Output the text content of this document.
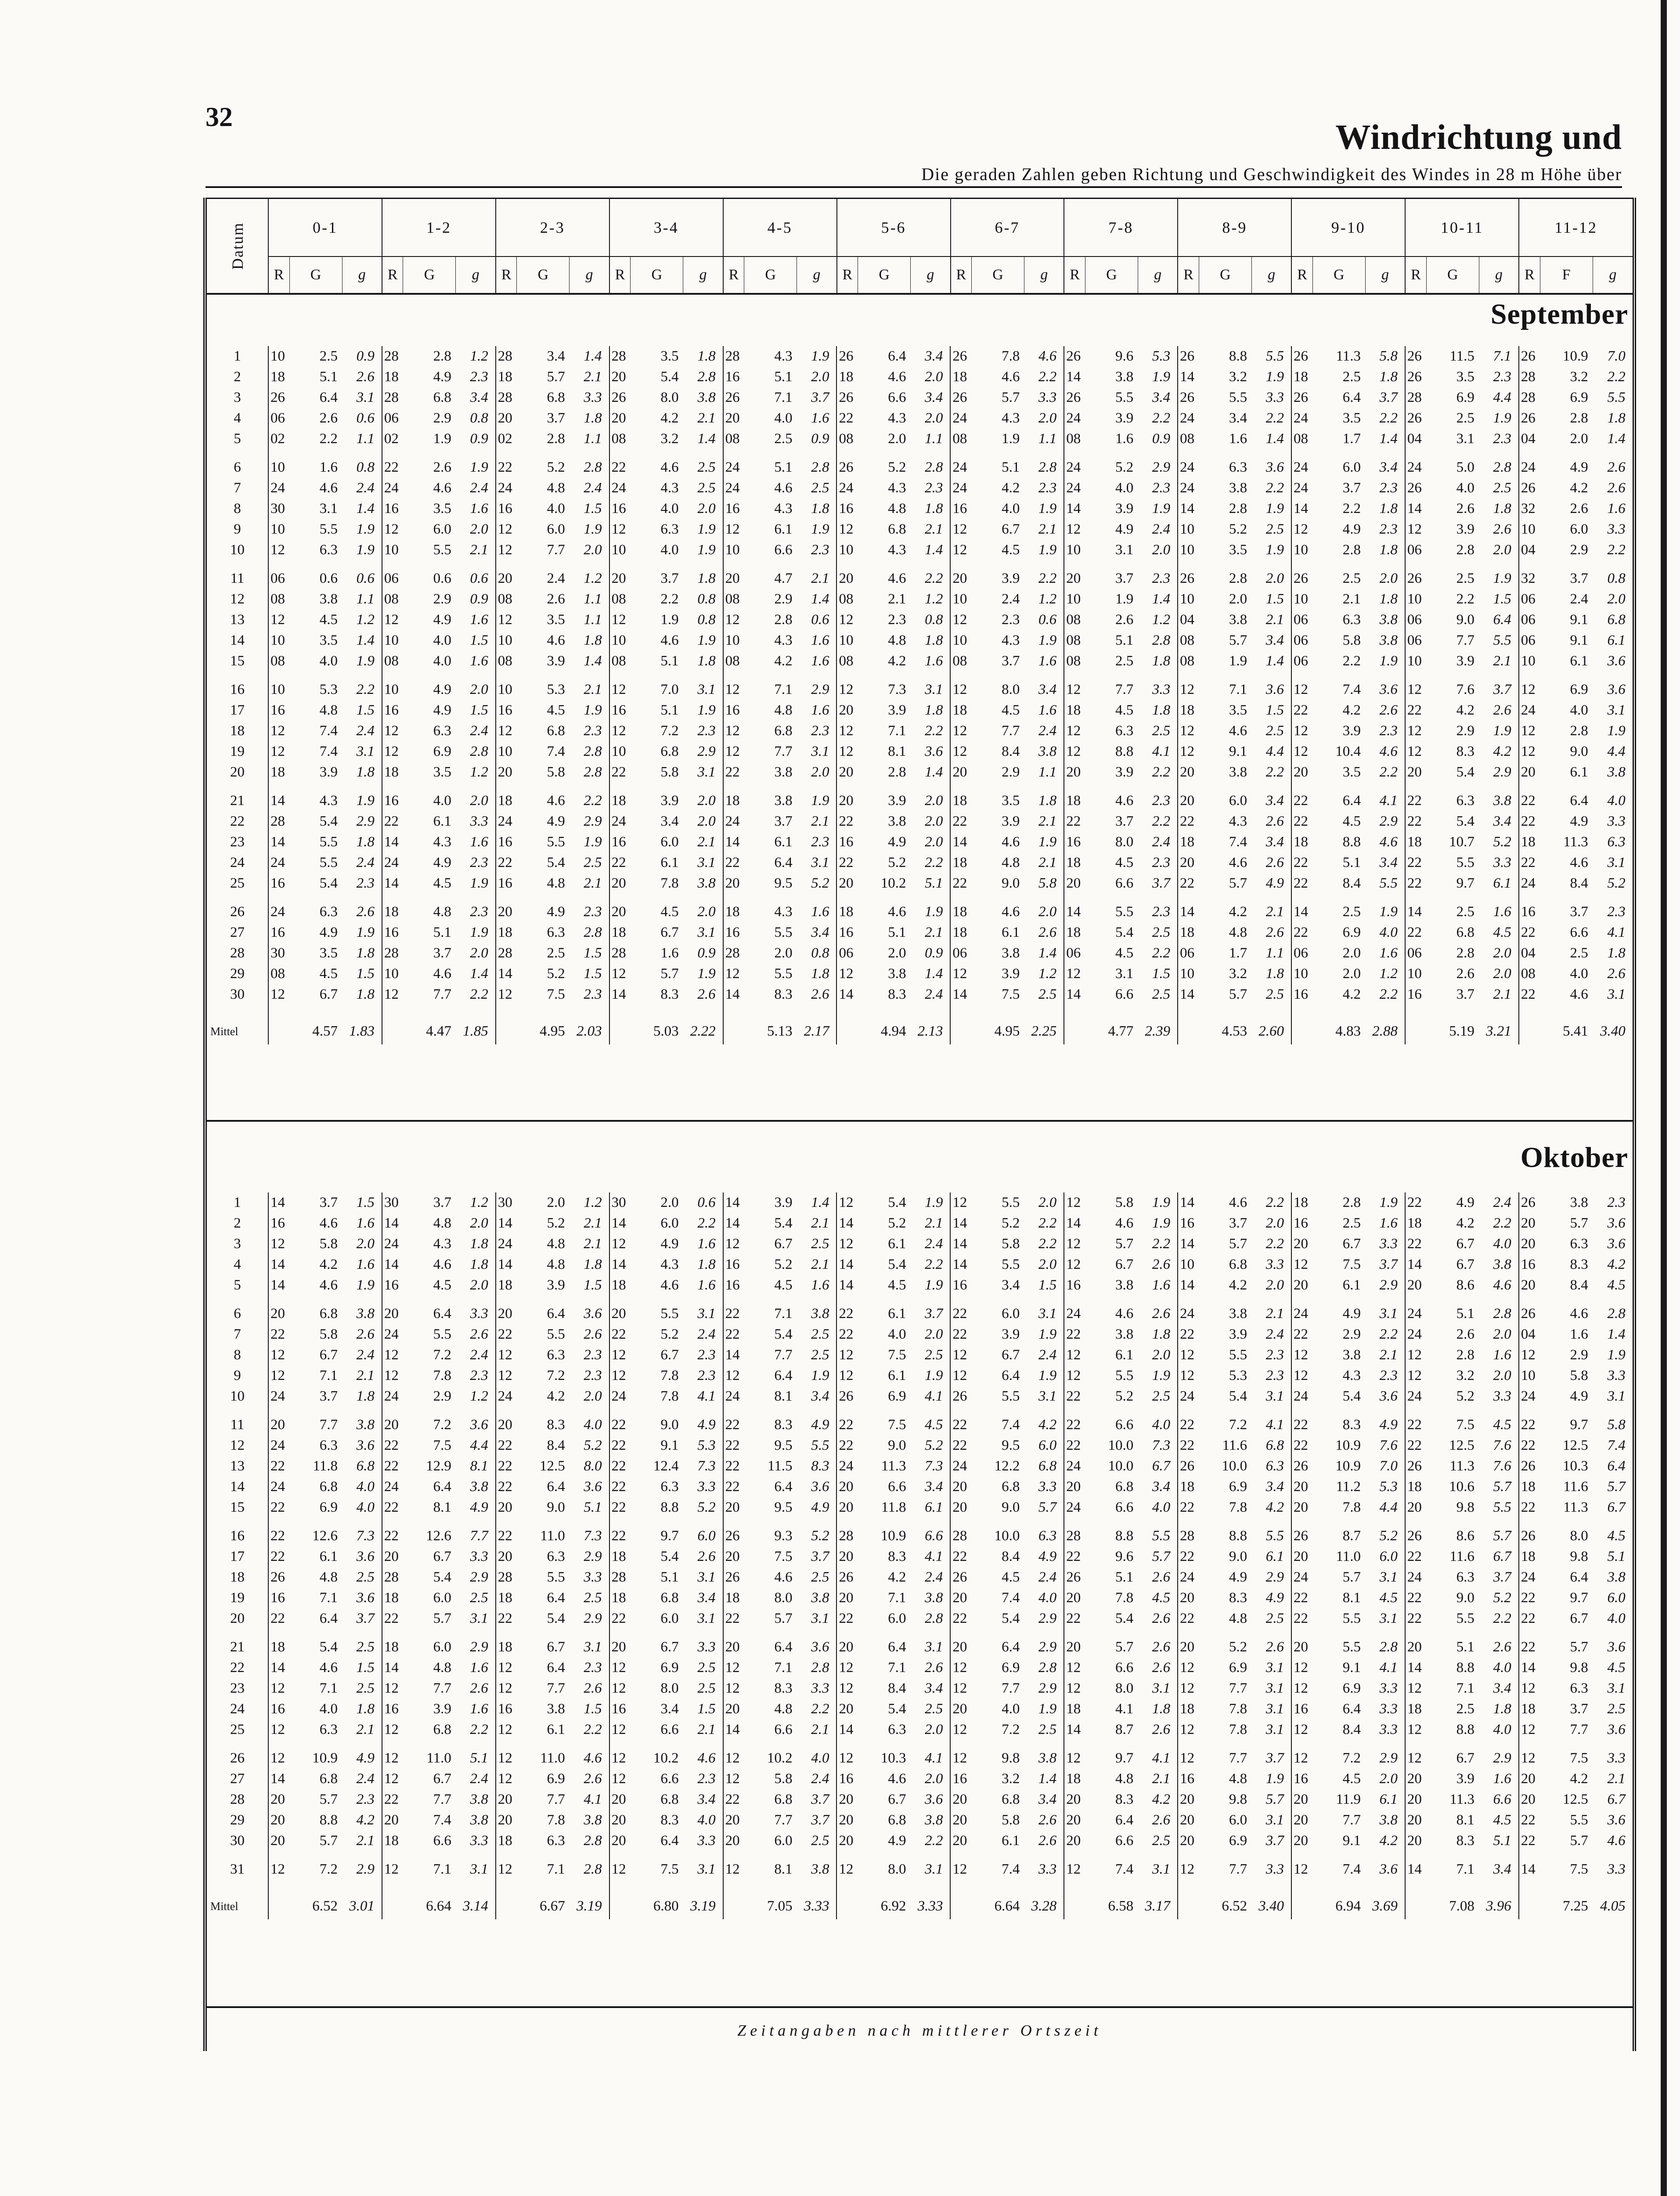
32
Windrichtung und
Die geraden Zahlen geben Richtung und Geschwindigkeit des Windes in 28 m Höhe über
Datum	0-1			1-2			2-3			3-4			4-5			5-6			6-7			7-8			8-9			9-10			10-11			11-12		
	R	G	g	R	G	g	R	G	g	R	G	g	R	G	g	R	G	g	R	G	g	R	G	g	R	G	g	R	G	g	R	G	g	R	F	g
September
1	10	2.5	0.9	28	2.8	1.2	28	3.4	1.4	28	3.5	1.8	28	4.3	1.9	26	6.4	3.4	26	7.8	4.6	26	9.6	5.3	26	8.8	5.5	26	11.3	5.8	26	11.5	7.1	26	10.9	7.0
2	18	5.1	2.6	18	4.9	2.3	18	5.7	2.1	20	5.4	2.8	16	5.1	2.0	18	4.6	2.0	18	4.6	2.2	14	3.8	1.9	14	3.2	1.9	18	2.5	1.8	26	3.5	2.3	28	3.2	2.2
3	26	6.4	3.1	28	6.8	3.4	28	6.8	3.3	26	8.0	3.8	26	7.1	3.7	26	6.6	3.4	26	5.7	3.3	26	5.5	3.4	26	5.5	3.3	26	6.4	3.7	28	6.9	4.4	28	6.9	5.5
4	06	2.6	0.6	06	2.9	0.8	20	3.7	1.8	20	4.2	2.1	20	4.0	1.6	22	4.3	2.0	24	4.3	2.0	24	3.9	2.2	24	3.4	2.2	24	3.5	2.2	26	2.5	1.9	26	2.8	1.8
5	02	2.2	1.1	02	1.9	0.9	02	2.8	1.1	08	3.2	1.4	08	2.5	0.9	08	2.0	1.1	08	1.9	1.1	08	1.6	0.9	08	1.6	1.4	08	1.7	1.4	04	3.1	2.3	04	2.0	1.4
6	10	1.6	0.8	22	2.6	1.9	22	5.2	2.8	22	4.6	2.5	24	5.1	2.8	26	5.2	2.8	24	5.1	2.8	24	5.2	2.9	24	6.3	3.6	24	6.0	3.4	24	5.0	2.8	24	4.9	2.6
7	24	4.6	2.4	24	4.6	2.4	24	4.8	2.4	24	4.3	2.5	24	4.6	2.5	24	4.3	2.3	24	4.2	2.3	24	4.0	2.3	24	3.8	2.2	24	3.7	2.3	26	4.0	2.5	26	4.2	2.6
8	30	3.1	1.4	16	3.5	1.6	16	4.0	1.5	16	4.0	2.0	16	4.3	1.8	16	4.8	1.8	16	4.0	1.9	14	3.9	1.9	14	2.8	1.9	14	2.2	1.8	14	2.6	1.8	32	2.6	1.6
9	10	5.5	1.9	12	6.0	2.0	12	6.0	1.9	12	6.3	1.9	12	6.1	1.9	12	6.8	2.1	12	6.7	2.1	12	4.9	2.4	10	5.2	2.5	12	4.9	2.3	12	3.9	2.6	10	6.0	3.3
10	12	6.3	1.9	10	5.5	2.1	12	7.7	2.0	10	4.0	1.9	10	6.6	2.3	10	4.3	1.4	12	4.5	1.9	10	3.1	2.0	10	3.5	1.9	10	2.8	1.8	06	2.8	2.0	04	2.9	2.2
11	06	0.6	0.6	06	0.6	0.6	20	2.4	1.2	20	3.7	1.8	20	4.7	2.1	20	4.6	2.2	20	3.9	2.2	20	3.7	2.3	26	2.8	2.0	26	2.5	2.0	26	2.5	1.9	32	3.7	0.8
12	08	3.8	1.1	08	2.9	0.9	08	2.6	1.1	08	2.2	0.8	08	2.9	1.4	08	2.1	1.2	10	2.4	1.2	10	1.9	1.4	10	2.0	1.5	10	2.1	1.8	10	2.2	1.5	06	2.4	2.0
13	12	4.5	1.2	12	4.9	1.6	12	3.5	1.1	12	1.9	0.8	12	2.8	0.6	12	2.3	0.8	12	2.3	0.6	08	2.6	1.2	04	3.8	2.1	06	6.3	3.8	06	9.0	6.4	06	9.1	6.8
14	10	3.5	1.4	10	4.0	1.5	10	4.6	1.8	10	4.6	1.9	10	4.3	1.6	10	4.8	1.8	10	4.3	1.9	08	5.1	2.8	08	5.7	3.4	06	5.8	3.8	06	7.7	5.5	06	9.1	6.1
15	08	4.0	1.9	08	4.0	1.6	08	3.9	1.4	08	5.1	1.8	08	4.2	1.6	08	4.2	1.6	08	3.7	1.6	08	2.5	1.8	08	1.9	1.4	06	2.2	1.9	10	3.9	2.1	10	6.1	3.6
16	10	5.3	2.2	10	4.9	2.0	10	5.3	2.1	12	7.0	3.1	12	7.1	2.9	12	7.3	3.1	12	8.0	3.4	12	7.7	3.3	12	7.1	3.6	12	7.4	3.6	12	7.6	3.7	12	6.9	3.6
17	16	4.8	1.5	16	4.9	1.5	16	4.5	1.9	16	5.1	1.9	16	4.8	1.6	20	3.9	1.8	18	4.5	1.6	18	4.5	1.8	18	3.5	1.5	22	4.2	2.6	22	4.2	2.6	24	4.0	3.1
18	12	7.4	2.4	12	6.3	2.4	12	6.8	2.3	12	7.2	2.3	12	6.8	2.3	12	7.1	2.2	12	7.7	2.4	12	6.3	2.5	12	4.6	2.5	12	3.9	2.3	12	2.9	1.9	12	2.8	1.9
19	12	7.4	3.1	12	6.9	2.8	10	7.4	2.8	10	6.8	2.9	12	7.7	3.1	12	8.1	3.6	12	8.4	3.8	12	8.8	4.1	12	9.1	4.4	12	10.4	4.6	12	8.3	4.2	12	9.0	4.4
20	18	3.9	1.8	18	3.5	1.2	20	5.8	2.8	22	5.8	3.1	22	3.8	2.0	20	2.8	1.4	20	2.9	1.1	20	3.9	2.2	20	3.8	2.2	20	3.5	2.2	20	5.4	2.9	20	6.1	3.8
21	14	4.3	1.9	16	4.0	2.0	18	4.6	2.2	18	3.9	2.0	18	3.8	1.9	20	3.9	2.0	18	3.5	1.8	18	4.6	2.3	20	6.0	3.4	22	6.4	4.1	22	6.3	3.8	22	6.4	4.0
22	28	5.4	2.9	22	6.1	3.3	24	4.9	2.9	24	3.4	2.0	24	3.7	2.1	22	3.8	2.0	22	3.9	2.1	22	3.7	2.2	22	4.3	2.6	22	4.5	2.9	22	5.4	3.4	22	4.9	3.3
23	14	5.5	1.8	14	4.3	1.6	16	5.5	1.9	16	6.0	2.1	14	6.1	2.3	16	4.9	2.0	14	4.6	1.9	16	8.0	2.4	18	7.4	3.4	18	8.8	4.6	18	10.7	5.2	18	11.3	6.3
24	24	5.5	2.4	24	4.9	2.3	22	5.4	2.5	22	6.1	3.1	22	6.4	3.1	22	5.2	2.2	18	4.8	2.1	18	4.5	2.3	20	4.6	2.6	22	5.1	3.4	22	5.5	3.3	22	4.6	3.1
25	16	5.4	2.3	14	4.5	1.9	16	4.8	2.1	20	7.8	3.8	20	9.5	5.2	20	10.2	5.1	22	9.0	5.8	20	6.6	3.7	22	5.7	4.9	22	8.4	5.5	22	9.7	6.1	24	8.4	5.2
26	24	6.3	2.6	18	4.8	2.3	20	4.9	2.3	20	4.5	2.0	18	4.3	1.6	18	4.6	1.9	18	4.6	2.0	14	5.5	2.3	14	4.2	2.1	14	2.5	1.9	14	2.5	1.6	16	3.7	2.3
27	16	4.9	1.9	16	5.1	1.9	18	6.3	2.8	18	6.7	3.1	16	5.5	3.4	16	5.1	2.1	18	6.1	2.6	18	5.4	2.5	18	4.8	2.6	22	6.9	4.0	22	6.8	4.5	22	6.6	4.1
28	30	3.5	1.8	28	3.7	2.0	28	2.5	1.5	28	1.6	0.9	28	2.0	0.8	06	2.0	0.9	06	3.8	1.4	06	4.5	2.2	06	1.7	1.1	06	2.0	1.6	06	2.8	2.0	04	2.5	1.8
29	08	4.5	1.5	10	4.6	1.4	14	5.2	1.5	12	5.7	1.9	12	5.5	1.8	12	3.8	1.4	12	3.9	1.2	12	3.1	1.5	10	3.2	1.8	10	2.0	1.2	10	2.6	2.0	08	4.0	2.6
30	12	6.7	1.8	12	7.7	2.2	12	7.5	2.3	14	8.3	2.6	14	8.3	2.6	14	8.3	2.4	14	7.5	2.5	14	6.6	2.5	14	5.7	2.5	16	4.2	2.2	16	3.7	2.1	22	4.6	3.1
Mittel		4.57	1.83		4.47	1.85		4.95	2.03		5.03	2.22		5.13	2.17		4.94	2.13		4.95	2.25		4.77	2.39		4.53	2.60		4.83	2.88		5.19	3.21		5.41	3.40
Oktober
1	14	3.7	1.5	30	3.7	1.2	30	2.0	1.2	30	2.0	0.6	14	3.9	1.4	12	5.4	1.9	12	5.5	2.0	12	5.8	1.9	14	4.6	2.2	18	2.8	1.9	22	4.9	2.4	26	3.8	2.3
2	16	4.6	1.6	14	4.8	2.0	14	5.2	2.1	14	6.0	2.2	14	5.4	2.1	14	5.2	2.1	14	5.2	2.2	14	4.6	1.9	16	3.7	2.0	16	2.5	1.6	18	4.2	2.2	20	5.7	3.6
3	12	5.8	2.0	24	4.3	1.8	24	4.8	2.1	12	4.9	1.6	12	6.7	2.5	12	6.1	2.4	14	5.8	2.2	12	5.7	2.2	14	5.7	2.2	20	6.7	3.3	22	6.7	4.0	20	6.3	3.6
4	14	4.2	1.6	14	4.6	1.8	14	4.8	1.8	14	4.3	1.8	16	5.2	2.1	14	5.4	2.2	14	5.5	2.0	12	6.7	2.6	10	6.8	3.3	12	7.5	3.7	14	6.7	3.8	16	8.3	4.2
5	14	4.6	1.9	16	4.5	2.0	18	3.9	1.5	18	4.6	1.6	16	4.5	1.6	14	4.5	1.9	16	3.4	1.5	16	3.8	1.6	14	4.2	2.0	20	6.1	2.9	20	8.6	4.6	20	8.4	4.5
6	20	6.8	3.8	20	6.4	3.3	20	6.4	3.6	20	5.5	3.1	22	7.1	3.8	22	6.1	3.7	22	6.0	3.1	24	4.6	2.6	24	3.8	2.1	24	4.9	3.1	24	5.1	2.8	26	4.6	2.8
7	22	5.8	2.6	24	5.5	2.6	22	5.5	2.6	22	5.2	2.4	22	5.4	2.5	22	4.0	2.0	22	3.9	1.9	22	3.8	1.8	22	3.9	2.4	22	2.9	2.2	24	2.6	2.0	04	1.6	1.4
8	12	6.7	2.4	12	7.2	2.4	12	6.3	2.3	12	6.7	2.3	14	7.7	2.5	12	7.5	2.5	12	6.7	2.4	12	6.1	2.0	12	5.5	2.3	12	3.8	2.1	12	2.8	1.6	12	2.9	1.9
9	12	7.1	2.1	12	7.8	2.3	12	7.2	2.3	12	7.8	2.3	12	6.4	1.9	12	6.1	1.9	12	6.4	1.9	12	5.5	1.9	12	5.3	2.3	12	4.3	2.3	12	3.2	2.0	10	5.8	3.3
10	24	3.7	1.8	24	2.9	1.2	24	4.2	2.0	24	7.8	4.1	24	8.1	3.4	26	6.9	4.1	26	5.5	3.1	22	5.2	2.5	24	5.4	3.1	24	5.4	3.6	24	5.2	3.3	24	4.9	3.1
11	20	7.7	3.8	20	7.2	3.6	20	8.3	4.0	22	9.0	4.9	22	8.3	4.9	22	7.5	4.5	22	7.4	4.2	22	6.6	4.0	22	7.2	4.1	22	8.3	4.9	22	7.5	4.5	22	9.7	5.8
12	24	6.3	3.6	22	7.5	4.4	22	8.4	5.2	22	9.1	5.3	22	9.5	5.5	22	9.0	5.2	22	9.5	6.0	22	10.0	7.3	22	11.6	6.8	22	10.9	7.6	22	12.5	7.6	22	12.5	7.4
13	22	11.8	6.8	22	12.9	8.1	22	12.5	8.0	22	12.4	7.3	22	11.5	8.3	24	11.3	7.3	24	12.2	6.8	24	10.0	6.7	26	10.0	6.3	26	10.9	7.0	26	11.3	7.6	26	10.3	6.4
14	24	6.8	4.0	24	6.4	3.8	22	6.4	3.6	22	6.3	3.3	22	6.4	3.6	20	6.6	3.4	20	6.8	3.3	20	6.8	3.4	18	6.9	3.4	20	11.2	5.3	18	10.6	5.7	18	11.6	5.7
15	22	6.9	4.0	22	8.1	4.9	20	9.0	5.1	22	8.8	5.2	20	9.5	4.9	20	11.8	6.1	20	9.0	5.7	24	6.6	4.0	22	7.8	4.2	20	7.8	4.4	20	9.8	5.5	22	11.3	6.7
16	22	12.6	7.3	22	12.6	7.7	22	11.0	7.3	22	9.7	6.0	26	9.3	5.2	28	10.9	6.6	28	10.0	6.3	28	8.8	5.5	28	8.8	5.5	26	8.7	5.2	26	8.6	5.7	26	8.0	4.5
17	22	6.1	3.6	20	6.7	3.3	20	6.3	2.9	18	5.4	2.6	20	7.5	3.7	20	8.3	4.1	22	8.4	4.9	22	9.6	5.7	22	9.0	6.1	20	11.0	6.0	22	11.6	6.7	18	9.8	5.1
18	26	4.8	2.5	28	5.4	2.9	28	5.5	3.3	28	5.1	3.1	26	4.6	2.5	26	4.2	2.4	26	4.5	2.4	26	5.1	2.6	24	4.9	2.9	24	5.7	3.1	24	6.3	3.7	24	6.4	3.8
19	16	7.1	3.6	18	6.0	2.5	18	6.4	2.5	18	6.8	3.4	18	8.0	3.8	20	7.1	3.8	20	7.4	4.0	20	7.8	4.5	20	8.3	4.9	22	8.1	4.5	22	9.0	5.2	22	9.7	6.0
20	22	6.4	3.7	22	5.7	3.1	22	5.4	2.9	22	6.0	3.1	22	5.7	3.1	22	6.0	2.8	22	5.4	2.9	22	5.4	2.6	22	4.8	2.5	22	5.5	3.1	22	5.5	2.2	22	6.7	4.0
21	18	5.4	2.5	18	6.0	2.9	18	6.7	3.1	20	6.7	3.3	20	6.4	3.6	20	6.4	3.1	20	6.4	2.9	20	5.7	2.6	20	5.2	2.6	20	5.5	2.8	20	5.1	2.6	22	5.7	3.6
22	14	4.6	1.5	14	4.8	1.6	12	6.4	2.3	12	6.9	2.5	12	7.1	2.8	12	7.1	2.6	12	6.9	2.8	12	6.6	2.6	12	6.9	3.1	12	9.1	4.1	14	8.8	4.0	14	9.8	4.5
23	12	7.1	2.5	12	7.7	2.6	12	7.7	2.6	12	8.0	2.5	12	8.3	3.3	12	8.4	3.4	12	7.7	2.9	12	8.0	3.1	12	7.7	3.1	12	6.9	3.3	12	7.1	3.4	12	6.3	3.1
24	16	4.0	1.8	16	3.9	1.6	16	3.8	1.5	16	3.4	1.5	20	4.8	2.2	20	5.4	2.5	20	4.0	1.9	18	4.1	1.8	18	7.8	3.1	16	6.4	3.3	18	2.5	1.8	18	3.7	2.5
25	12	6.3	2.1	12	6.8	2.2	12	6.1	2.2	12	6.6	2.1	14	6.6	2.1	14	6.3	2.0	12	7.2	2.5	14	8.7	2.6	12	7.8	3.1	12	8.4	3.3	12	8.8	4.0	12	7.7	3.6
26	12	10.9	4.9	12	11.0	5.1	12	11.0	4.6	12	10.2	4.6	12	10.2	4.0	12	10.3	4.1	12	9.8	3.8	12	9.7	4.1	12	7.7	3.7	12	7.2	2.9	12	6.7	2.9	12	7.5	3.3
27	14	6.8	2.4	12	6.7	2.4	12	6.9	2.6	12	6.6	2.3	12	5.8	2.4	16	4.6	2.0	16	3.2	1.4	18	4.8	2.1	16	4.8	1.9	16	4.5	2.0	20	3.9	1.6	20	4.2	2.1
28	20	5.7	2.3	22	7.7	3.8	20	7.7	4.1	20	6.8	3.4	22	6.8	3.7	20	6.7	3.6	20	6.8	3.4	20	8.3	4.2	20	9.8	5.7	20	11.9	6.1	20	11.3	6.6	20	12.5	6.7
29	20	8.8	4.2	20	7.4	3.8	20	7.8	3.8	20	8.3	4.0	20	7.7	3.7	20	6.8	3.8	20	5.8	2.6	20	6.4	2.6	20	6.0	3.1	20	7.7	3.8	20	8.1	4.5	22	5.5	3.6
30	20	5.7	2.1	18	6.6	3.3	18	6.3	2.8	20	6.4	3.3	20	6.0	2.5	20	4.9	2.2	20	6.1	2.6	20	6.6	2.5	20	6.9	3.7	20	9.1	4.2	20	8.3	5.1	22	5.7	4.6
31	12	7.2	2.9	12	7.1	3.1	12	7.1	2.8	12	7.5	3.1	12	8.1	3.8	12	8.0	3.1	12	7.4	3.3	12	7.4	3.1	12	7.7	3.3	12	7.4	3.6	14	7.1	3.4	14	7.5	3.3
Mittel		6.52	3.01		6.64	3.14		6.67	3.19		6.80	3.19		7.05	3.33		6.92	3.33		6.64	3.28		6.58	3.17		6.52	3.40		6.94	3.69		7.08	3.96		7.25	4.05
Zeitangaben nach mittlerer Ortszeit
